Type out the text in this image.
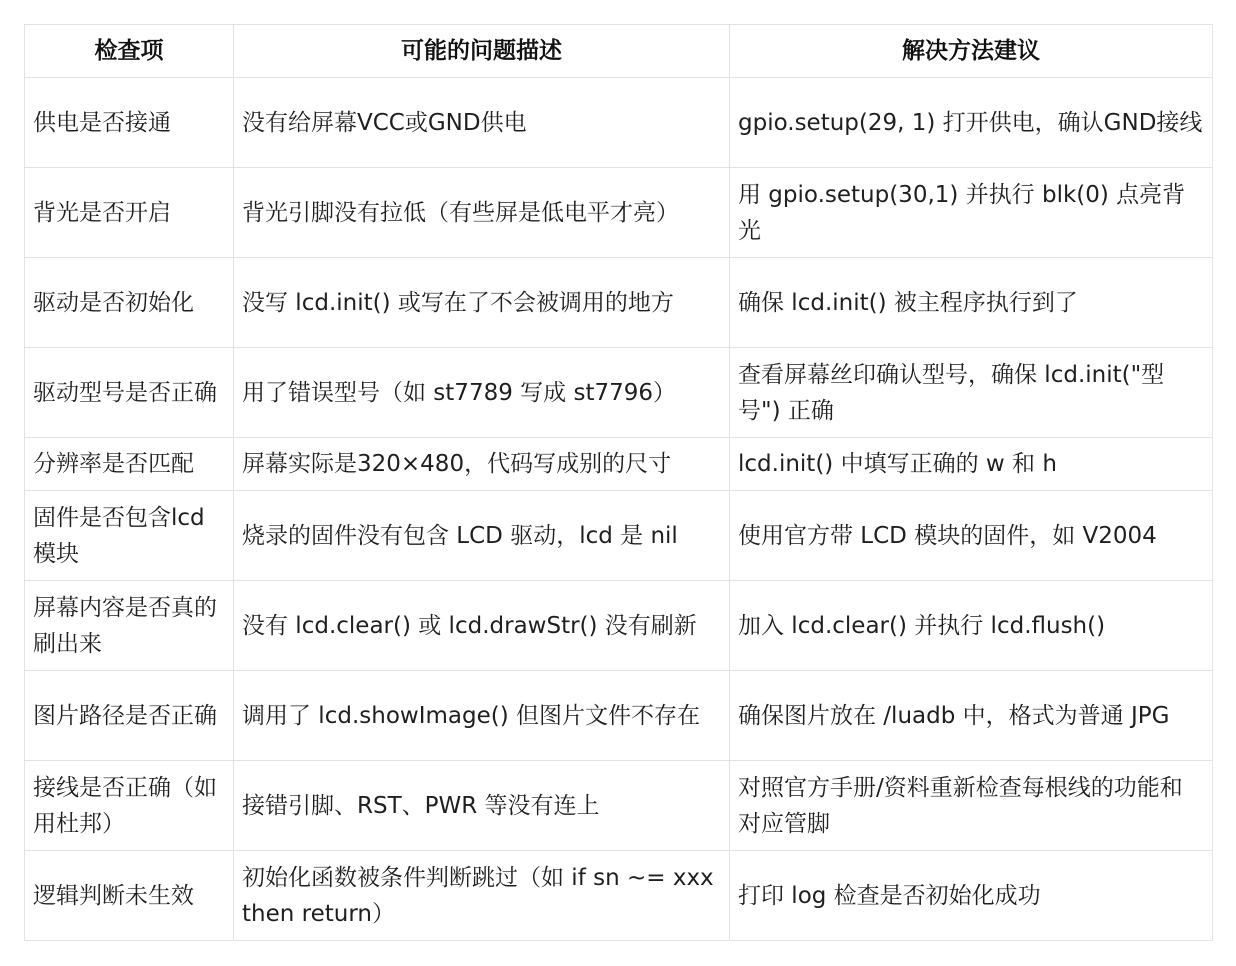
检查项	可能的问题描述	解决方法建议
供电是否接通	没有给屏幕VCC或GND供电	gpio.setup(29, 1) 打开供电，确认GND接线
背光是否开启	背光引脚没有拉低（有些屏是低电平才亮）	用 gpio.setup(30,1) 并执行 blk(0) 点亮背光
驱动是否初始化	没写 lcd.init() 或写在了不会被调用的地方	确保 lcd.init() 被主程序执行到了
驱动型号是否正确	用了错误型号（如 st7789 写成 st7796）	查看屏幕丝印确认型号，确保 lcd.init("型号") 正确
分辨率是否匹配	屏幕实际是320×480，代码写成别的尺寸	lcd.init() 中填写正确的 w 和 h
固件是否包含lcd模块	烧录的固件没有包含 LCD 驱动，lcd 是 nil	使用官方带 LCD 模块的固件，如 V2004
屏幕内容是否真的刷出来	没有 lcd.clear() 或 lcd.drawStr() 没有刷新	加入 lcd.clear() 并执行 lcd.flush()
图片路径是否正确	调用了 lcd.showImage() 但图片文件不存在	确保图片放在 /luadb 中，格式为普通 JPG
接线是否正确（如用杜邦）	接错引脚、RST、PWR 等没有连上	对照官方手册/资料重新检查每根线的功能和对应管脚
逻辑判断未生效	初始化函数被条件判断跳过（如 if sn ~= xxx then return）	打印 log 检查是否初始化成功
